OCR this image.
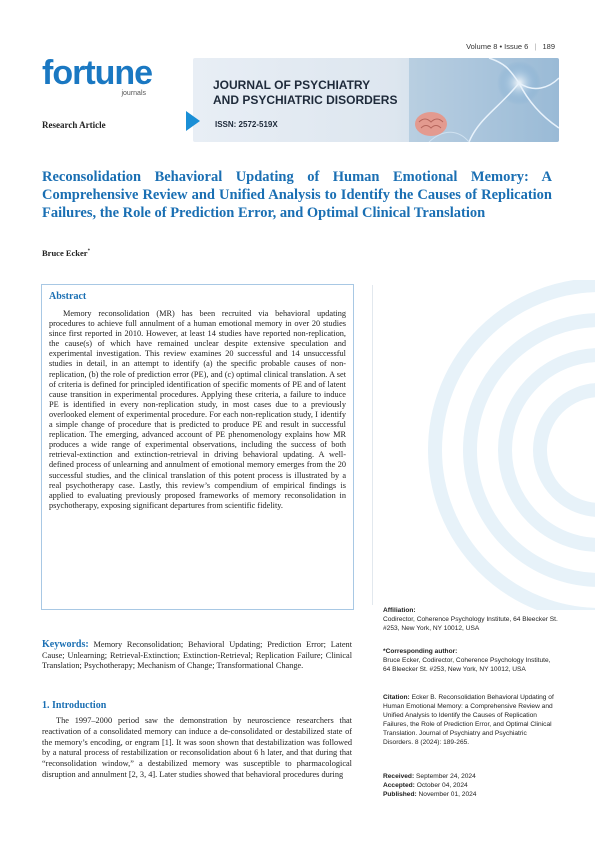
Volume 8 • Issue 6 | 189
fortune
journals
JOURNAL OF PSYCHIATRY
AND PSYCHIATRIC DISORDERS
ISSN: 2572-519X
Research Article
Reconsolidation Behavioral Updating of Human Emotional Memory: A Comprehensive Review and Unified Analysis to Identify the Causes of Replication Failures, the Role of Prediction Error, and Optimal Clinical Translation
Bruce Ecker*
Abstract
Memory reconsolidation (MR) has been recruited via behavioral updating procedures to achieve full annulment of a human emotional memory in over 20 studies since first reported in 2010. However, at least 14 studies have reported non-replication, the cause(s) of which have remained unclear despite extensive speculation and experimental investigation. This review examines 20 successful and 14 unsuccessful studies in detail, in an attempt to identify (a) the specific probable causes of non-replication, (b) the role of prediction error (PE), and (c) optimal clinical translation. A set of criteria is defined for principled identification of specific moments of PE and of latent cause transition in experimental procedures. Applying these criteria, a failure to induce PE is identified in every non-replication study, in most cases due to a previously overlooked element of experimental procedure. For each non-replication study, I identify a simple change of procedure that is predicted to produce PE and result in successful replication. The emerging, advanced account of PE phenomenology explains how MR produces a wide range of experimental observations, including the success of both retrieval-extinction and extinction-retrieval in driving behavioral updating. A well-defined process of unlearning and annulment of emotional memory emerges from the 20 successful studies, and the clinical translation of this potent process is illustrated by a real psychotherapy case. Lastly, this review’s compendium of empirical findings is applied to evaluating previously proposed frameworks of memory reconsolidation in psychotherapy, exposing significant departures from scientific fidelity.
Keywords: Memory Reconsolidation; Behavioral Updating; Prediction Error; Latent Cause; Unlearning; Retrieval-Extinction; Extinction-Retrieval; Replication Failure; Clinical Translation; Psychotherapy; Mechanism of Change; Transformational Change.
1. Introduction
The 1997–2000 period saw the demonstration by neuroscience researchers that reactivation of a consolidated memory can induce a de-consolidated or destabilized state of the memory’s encoding, or engram [1]. It was soon shown that destabilization was followed by a natural process of restabilization or reconsolidation about 6 h later, and that during that “reconsolidation window,” a destabilized memory was susceptible to pharmacological disruption and annulment [2, 3, 4]. Later studies showed that behavioral procedures during
Affiliation:
Codirector, Coherence Psychology Institute, 64 Bleecker St. #253, New York, NY 10012, USA
*Corresponding author:
Bruce Ecker, Codirector, Coherence Psychology Institute, 64 Bleecker St. #253, New York, NY 10012, USA
Citation: Ecker B. Reconsolidation Behavioral Updating of Human Emotional Memory: a Comprehensive Review and Unified Analysis to Identify the Causes of Replication Failures, the Role of Prediction Error, and Optimal Clinical Translation. Journal of Psychiatry and Psychiatric Disorders. 8 (2024): 189-265.
Received: September 24, 2024
Accepted: October 04, 2024
Published: November 01, 2024
